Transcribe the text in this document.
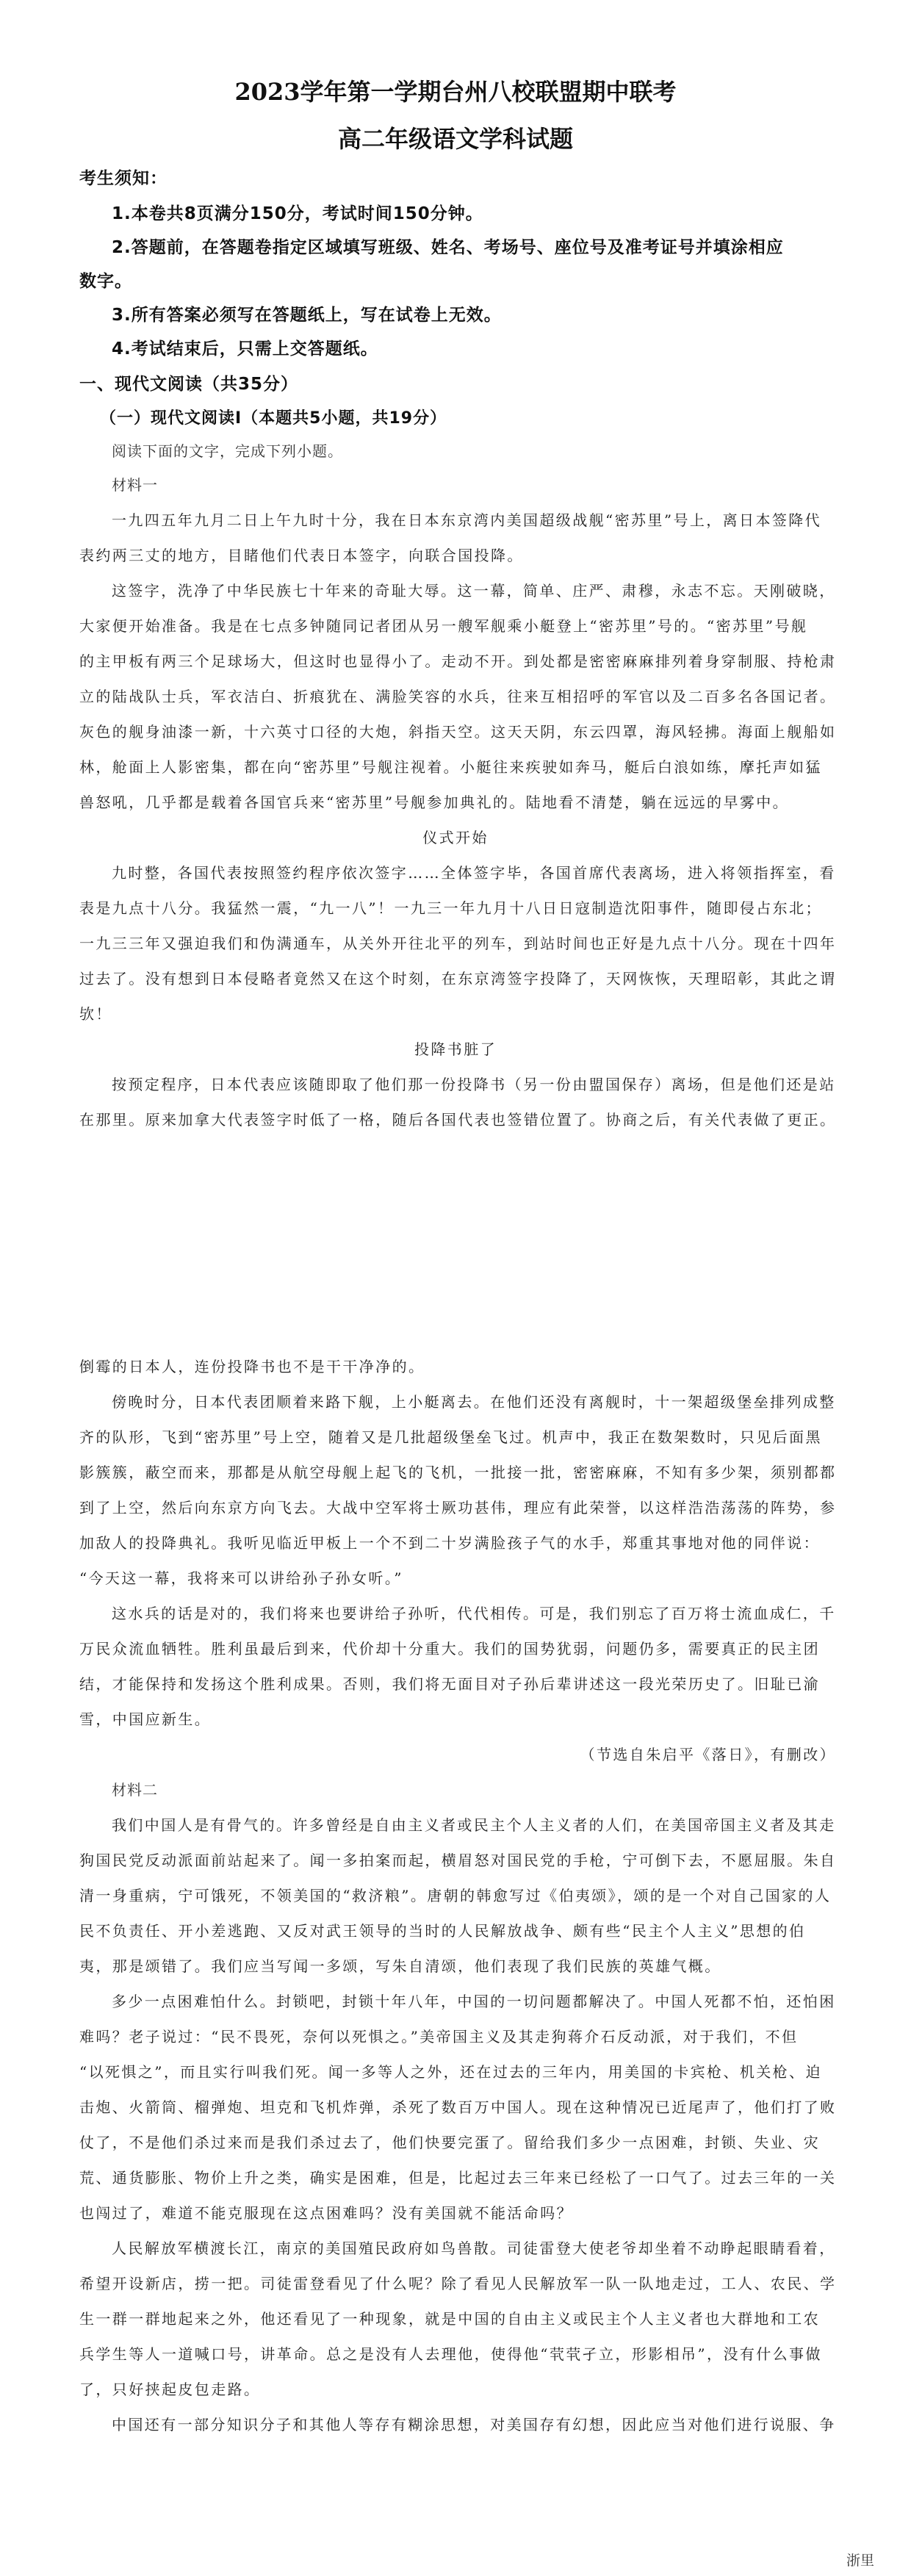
2023学年第一学期台州八校联盟期中联考
高二年级语文学科试题
考生须知：
1.本卷共8页满分150分，考试时间150分钟。
2.答题前，在答题卷指定区域填写班级、姓名、考场号、座位号及准考证号并填涂相应
数字。
3.所有答案必须写在答题纸上，写在试卷上无效。
4.考试结束后，只需上交答题纸。
一、现代文阅读（共35分）
（一）现代文阅读Ⅰ（本题共5小题，共19分）
阅读下面的文字，完成下列小题。
材料一
一九四五年九月二日上午九时十分，我在日本东京湾内美国超级战舰“密苏里”号上，离日本签降代
表约两三丈的地方，目睹他们代表日本签字，向联合国投降。
这签字，洗净了中华民族七十年来的奇耻大辱。这一幕，简单、庄严、肃穆，永志不忘。天刚破晓，
大家便开始准备。我是在七点多钟随同记者团从另一艘军舰乘小艇登上“密苏里”号的。“密苏里”号舰
的主甲板有两三个足球场大，但这时也显得小了。走动不开。到处都是密密麻麻排列着身穿制服、持枪肃
立的陆战队士兵，军衣洁白、折痕犹在、满脸笑容的水兵，往来互相招呼的军官以及二百多名各国记者。
灰色的舰身油漆一新，十六英寸口径的大炮，斜指天空。这天天阴，东云四罩，海风轻拂。海面上舰船如
林，舱面上人影密集，都在向“密苏里”号舰注视着。小艇往来疾驶如奔马，艇后白浪如练，摩托声如猛
兽怒吼，几乎都是载着各国官兵来“密苏里”号舰参加典礼的。陆地看不清楚，躺在远远的早雾中。
仪式开始
九时整，各国代表按照签约程序依次签字……全体签字毕，各国首席代表离场，进入将领指挥室，看
表是九点十八分。我猛然一震，“九一八”！一九三一年九月十八日日寇制造沈阳事件，随即侵占东北；
一九三三年又强迫我们和伪满通车，从关外开往北平的列车，到站时间也正好是九点十八分。现在十四年
过去了。没有想到日本侵略者竟然又在这个时刻，在东京湾签字投降了，天网恢恢，天理昭彰，其此之谓
欤！
投降书脏了
按预定程序，日本代表应该随即取了他们那一份投降书（另一份由盟国保存）离场，但是他们还是站
在那里。原来加拿大代表签字时低了一格，随后各国代表也签错位置了。协商之后，有关代表做了更正。
倒霉的日本人，连份投降书也不是干干净净的。
傍晚时分，日本代表团顺着来路下舰，上小艇离去。在他们还没有离舰时，十一架超级堡垒排列成整
齐的队形，飞到“密苏里”号上空，随着又是几批超级堡垒飞过。机声中，我正在数架数时，只见后面黑
影簇簇，蔽空而来，那都是从航空母舰上起飞的飞机，一批接一批，密密麻麻，不知有多少架，须别都都
到了上空，然后向东京方向飞去。大战中空军将士厥功甚伟，理应有此荣誉，以这样浩浩荡荡的阵势，参
加敌人的投降典礼。我听见临近甲板上一个不到二十岁满脸孩子气的水手，郑重其事地对他的同伴说：
“今天这一幕，我将来可以讲给孙子孙女听。”
这水兵的话是对的，我们将来也要讲给子孙听，代代相传。可是，我们别忘了百万将士流血成仁，千
万民众流血牺牲。胜利虽最后到来，代价却十分重大。我们的国势犹弱，问题仍多，需要真正的民主团
结，才能保持和发扬这个胜利成果。否则，我们将无面目对子孙后辈讲述这一段光荣历史了。旧耻已渝
雪，中国应新生。
（节选自朱启平《落日》，有删改）
材料二
我们中国人是有骨气的。许多曾经是自由主义者或民主个人主义者的人们，在美国帝国主义者及其走
狗国民党反动派面前站起来了。闻一多拍案而起，横眉怒对国民党的手枪，宁可倒下去，不愿屈服。朱自
清一身重病，宁可饿死，不领美国的“救济粮”。唐朝的韩愈写过《伯夷颂》，颂的是一个对自己国家的人
民不负责任、开小差逃跑、又反对武王领导的当时的人民解放战争、颇有些“民主个人主义”思想的伯
夷，那是颂错了。我们应当写闻一多颂，写朱自清颂，他们表现了我们民族的英雄气概。
多少一点困难怕什么。封锁吧，封锁十年八年，中国的一切问题都解决了。中国人死都不怕，还怕困
难吗？老子说过：“民不畏死，奈何以死惧之。”美帝国主义及其走狗蒋介石反动派，对于我们，不但
“以死惧之”，而且实行叫我们死。闻一多等人之外，还在过去的三年内，用美国的卡宾枪、机关枪、迫
击炮、火箭筒、榴弹炮、坦克和飞机炸弹，杀死了数百万中国人。现在这种情况已近尾声了，他们打了败
仗了，不是他们杀过来而是我们杀过去了，他们快要完蛋了。留给我们多少一点困难，封锁、失业、灾
荒、通货膨胀、物价上升之类，确实是困难，但是，比起过去三年来已经松了一口气了。过去三年的一关
也闯过了，难道不能克服现在这点困难吗？没有美国就不能活命吗？
人民解放军横渡长江，南京的美国殖民政府如鸟兽散。司徒雷登大使老爷却坐着不动睁起眼睛看着，
希望开设新店，捞一把。司徒雷登看见了什么呢？除了看见人民解放军一队一队地走过，工人、农民、学
生一群一群地起来之外，他还看见了一种现象，就是中国的自由主义或民主个人主义者也大群地和工农
兵学生等人一道喊口号，讲革命。总之是没有人去理他，使得他“茕茕孑立，形影相吊”，没有什么事做
了，只好挟起皮包走路。
中国还有一部分知识分子和其他人等存有糊涂思想，对美国存有幻想，因此应当对他们进行说服、争
浙里
